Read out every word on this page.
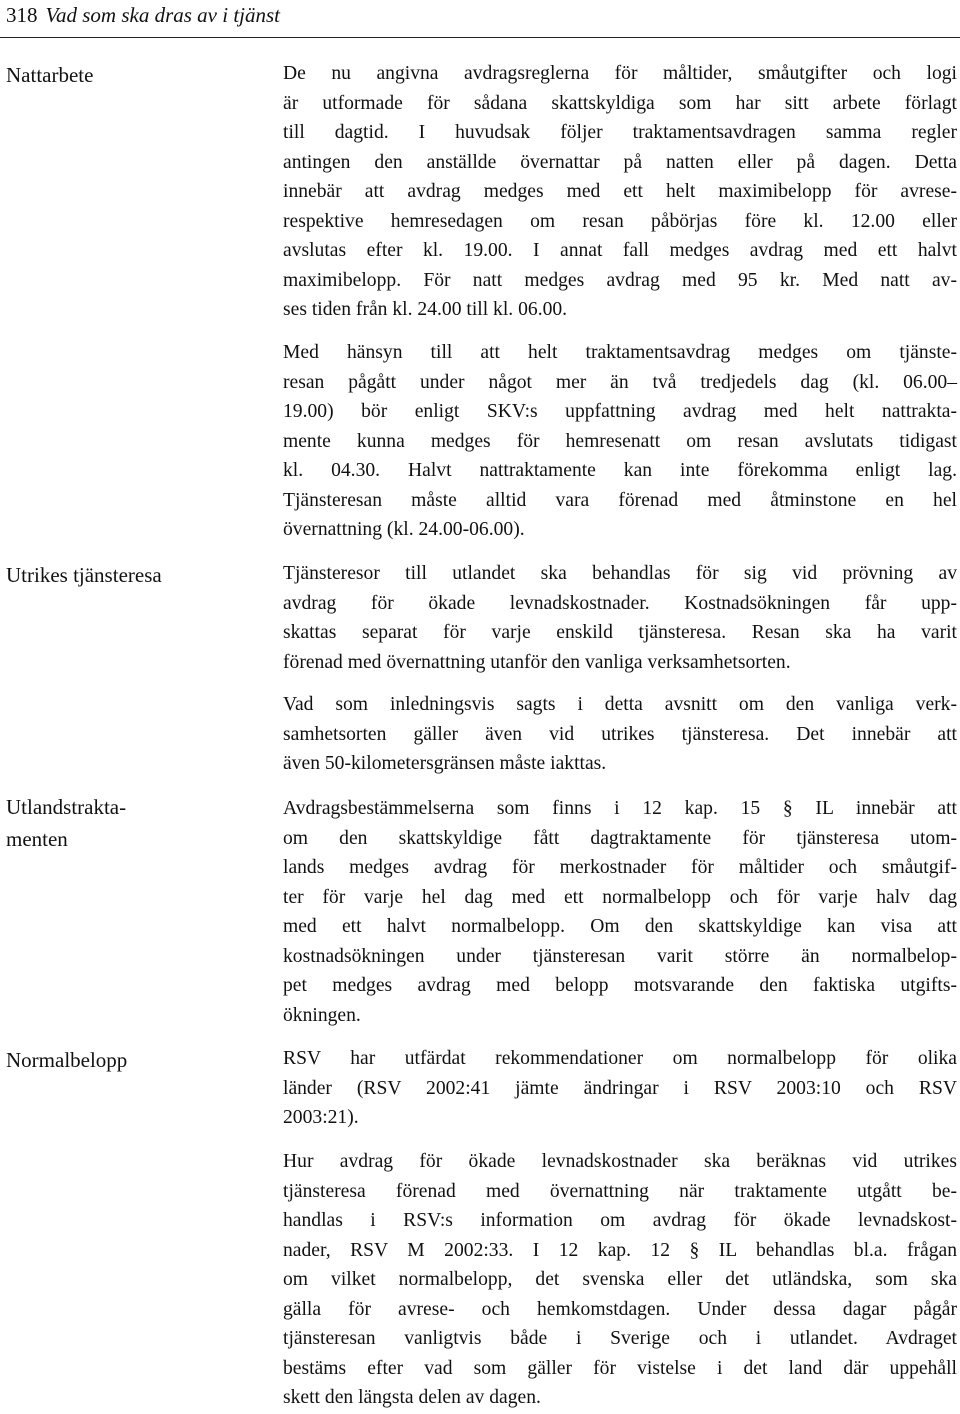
318 Vad som ska dras av i tjänst
Nattarbete
Utrikes tjänsteresa
Utlandstrakta-
menten
Normalbelopp
De nu angivna avdragsreglerna för måltider, småutgifter och logi
är utformade för sådana skattskyldiga som har sitt arbete förlagt
till dagtid. I huvudsak följer traktamentsavdragen samma regler
antingen den anställde övernattar på natten eller på dagen. Detta
innebär att avdrag medges med ett helt maximibelopp för avrese-
respektive hemresedagen om resan påbörjas före kl. 12.00 eller
avslutas efter kl. 19.00. I annat fall medges avdrag med ett halvt
maximibelopp. För natt medges avdrag med 95 kr. Med natt av-
ses tiden från kl. 24.00 till kl. 06.00.
Med hänsyn till att helt traktamentsavdrag medges om tjänste-
resan pågått under något mer än två tredjedels dag (kl. 06.00–
19.00) bör enligt SKV:s uppfattning avdrag med helt nattrakta-
mente kunna medges för hemresenatt om resan avslutats tidigast
kl. 04.30. Halvt nattraktamente kan inte förekomma enligt lag.
Tjänsteresan måste alltid vara förenad med åtminstone en hel
övernattning (kl. 24.00-06.00).
Tjänsteresor till utlandet ska behandlas för sig vid prövning av
avdrag för ökade levnadskostnader. Kostnadsökningen får upp-
skattas separat för varje enskild tjänsteresa. Resan ska ha varit
förenad med övernattning utanför den vanliga verksamhetsorten.
Vad som inledningsvis sagts i detta avsnitt om den vanliga verk-
samhetsorten gäller även vid utrikes tjänsteresa. Det innebär att
även 50-kilometersgränsen måste iakttas.
Avdragsbestämmelserna som finns i 12 kap. 15 § IL innebär att
om den skattskyldige fått dagtraktamente för tjänsteresa utom-
lands medges avdrag för merkostnader för måltider och småutgif-
ter för varje hel dag med ett normalbelopp och för varje halv dag
med ett halvt normalbelopp. Om den skattskyldige kan visa att
kostnadsökningen under tjänsteresan varit större än normalbelop-
pet medges avdrag med belopp motsvarande den faktiska utgifts-
ökningen.
RSV har utfärdat rekommendationer om normalbelopp för olika
länder (RSV 2002:41 jämte ändringar i RSV 2003:10 och RSV
2003:21).
Hur avdrag för ökade levnadskostnader ska beräknas vid utrikes
tjänsteresa förenad med övernattning när traktamente utgått be-
handlas i RSV:s information om avdrag för ökade levnadskost-
nader, RSV M 2002:33. I 12 kap. 12 § IL behandlas bl.a. frågan
om vilket normalbelopp, det svenska eller det utländska, som ska
gälla för avrese- och hemkomstdagen. Under dessa dagar pågår
tjänsteresan vanligtvis både i Sverige och i utlandet. Avdraget
bestäms efter vad som gäller för vistelse i det land där uppehåll
skett den längsta delen av dagen.
